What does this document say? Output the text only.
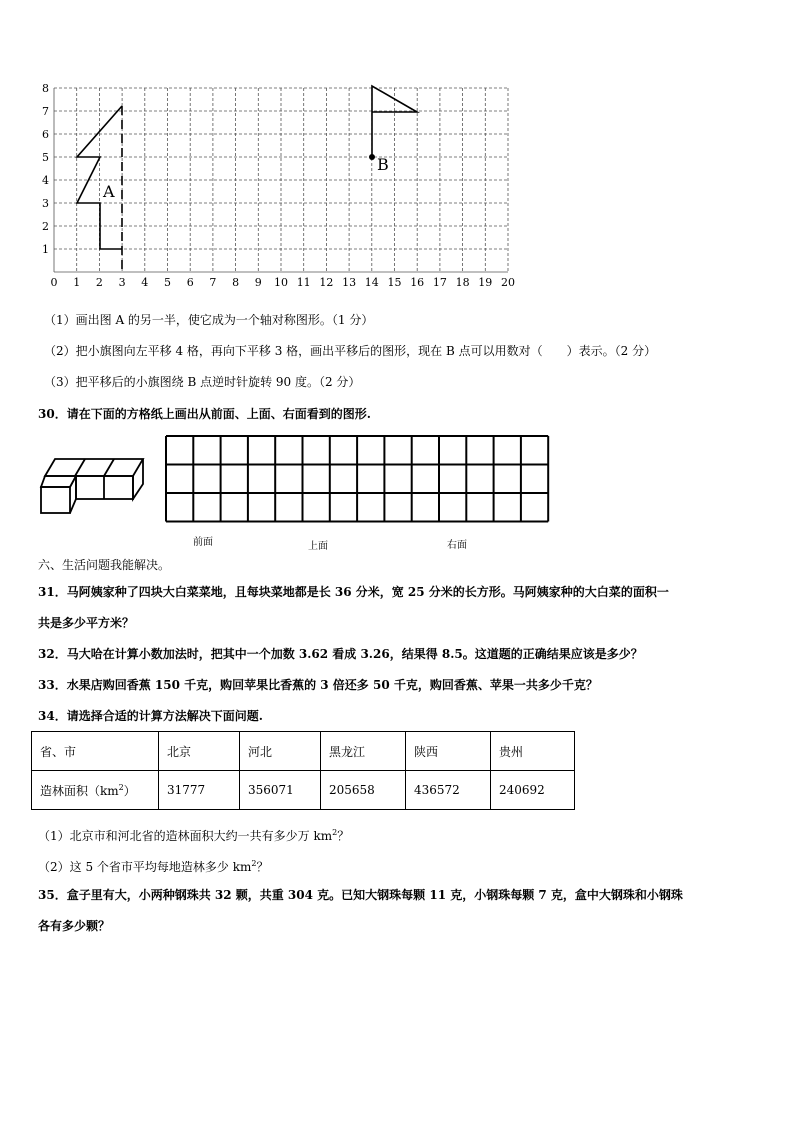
1
2
3
4
5
6
7
8
0 1 2 3 4 5 6 7 8 9 10 11 12 13 14 15 16 17 18 19 20
A
B
（1）画出图 A 的另一半，使它成为一个轴对称图形。（1 分）
（2）把小旗图向左平移 4 格，再向下平移 3 格，画出平移后的图形，现在 B 点可以用数对（　　）表示。（2 分）
（3）把平移后的小旗图绕 B 点逆时针旋转 90 度。（2 分）
30．请在下面的方格纸上画出从前面、上面、右面看到的图形.
前面	上面	右面
六、生活问题我能解决。
31．马阿姨家种了四块大白菜菜地，且每块菜地都是长 36 分米，宽 25 分米的长方形。马阿姨家种的大白菜的面积一
共是多少平方米？
32．马大哈在计算小数加法时，把其中一个加数 3.62 看成 3.26，结果得 8.5。这道题的正确结果应该是多少？
33．水果店购回香蕉 150 千克，购回苹果比香蕉的 3 倍还多 50 千克，购回香蕉、苹果一共多少千克？
34．请选择合适的计算方法解决下面问题.
省、市	北京	河北	黑龙江	陕西	贵州
造林面积$(km^2)$	31777	356071	205658	436572	240692
（1）北京市和河北省的造林面积大约一共有多少万 $km^2$？
（2）这 5 个省市平均每地造林多少 $km^2$？
35．盒子里有大，小两种钢珠共 32 颗，共重 304 克。已知大钢珠每颗 11 克，小钢珠每颗 7 克，盒中大钢珠和小钢珠
各有多少颗？
